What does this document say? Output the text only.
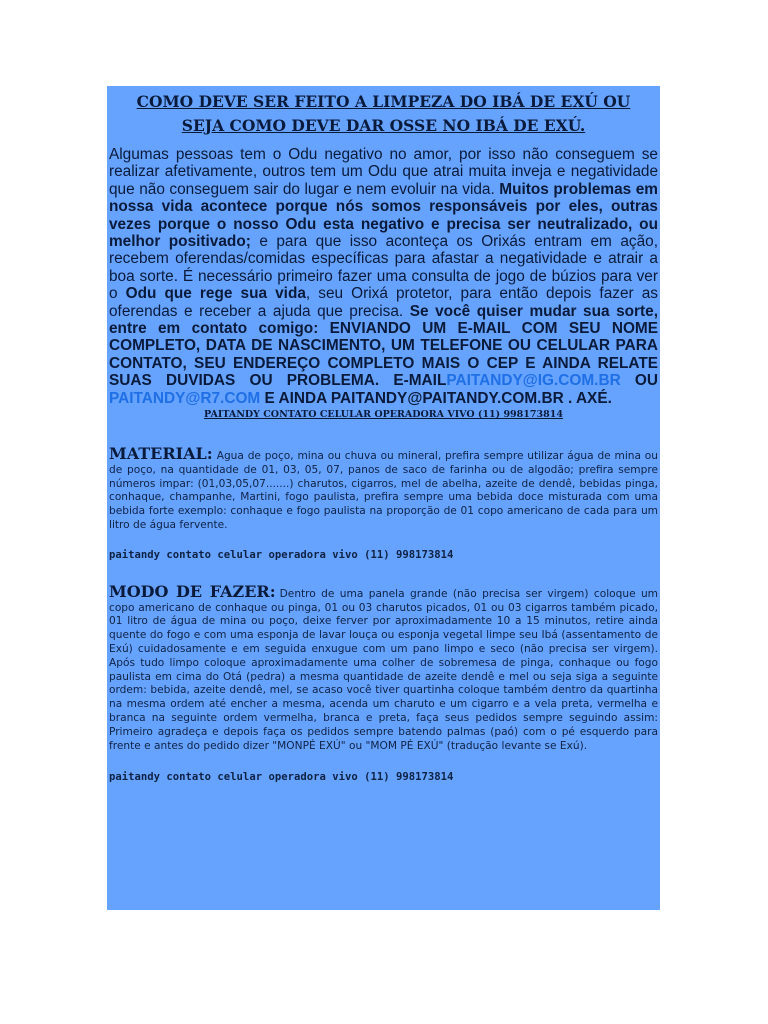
COMO DEVE SER FEITO A LIMPEZA DO IBÁ DE EXÚ OU
SEJA COMO DEVE DAR OSSE NO IBÁ DE EXÚ.

Algumas pessoas tem o Odu negativo no amor, por isso não conseguem se realizar afetivamente, outros tem um Odu que atrai muita inveja e negatividade que não conseguem sair do lugar e nem evoluir na vida. Muitos problemas em nossa vida acontece porque nós somos responsáveis por eles, outras vezes porque o nosso Odu esta negativo e precisa ser neutralizado, ou melhor positivado; e para que isso aconteça os Orixás entram em ação, recebem oferendas/comidas específicas para afastar a negatividade e atrair a boa sorte. É necessário primeiro fazer uma consulta de jogo de búzios para ver o Odu que rege sua vida, seu Orixá protetor, para então depois fazer as oferendas e receber a ajuda que precisa. Se você quiser mudar sua sorte, entre em contato comigo: ENVIANDO UM E-MAIL COM SEU NOME COMPLETO, DATA DE NASCIMENTO, UM TELEFONE OU CELULAR PARA CONTATO, SEU ENDEREÇO COMPLETO MAIS O CEP E AINDA RELATE SUAS DUVIDAS OU PROBLEMA. E-MAILPAITANDY@IG.COM.BR OU PAITANDY@R7.COM E AINDA PAITANDY@PAITANDY.COM.BR . AXÉ.

PAITANDY CONTATO CELULAR OPERADORA VIVO (11) 998173814

MATERIAL: Agua de poço, mina ou chuva ou mineral, prefira sempre utilizar água de mina ou de poço, na quantidade de 01, 03, 05, 07, panos de saco de farinha ou de algodão; prefira sempre números impar: (01,03,05,07.......) charutos, cigarros, mel de abelha, azeite de dendê, bebidas pinga, conhaque, champanhe, Martini, fogo paulista, prefira sempre uma bebida doce misturada com uma bebida forte exemplo: conhaque e fogo paulista na proporção de 01 copo americano de cada para um litro de água fervente.

paitandy contato celular operadora vivo (11) 998173814

MODO DE FAZER: Dentro de uma panela grande (não precisa ser virgem) coloque um copo americano de conhaque ou pinga, 01 ou 03 charutos picados, 01 ou 03 cigarros também picado, 01 litro de água de mina ou poço, deixe ferver por aproximadamente 10 a 15 minutos, retire ainda quente do fogo e com uma esponja de lavar louça ou esponja vegetal limpe seu Ibá (assentamento de Exú) cuidadosamente e em seguida enxugue com um pano limpo e seco (não precisa ser virgem). Após tudo limpo coloque aproximadamente uma colher de sobremesa de pinga, conhaque ou fogo paulista em cima do Otá (pedra) a mesma quantidade de azeite dendê e mel ou seja siga a seguinte ordem: bebida, azeite dendê, mel, se acaso você tiver quartinha coloque também dentro da quartinha na mesma ordem até encher a mesma, acenda um charuto e um cigarro e a vela preta, vermelha e branca na seguinte ordem vermelha, branca e preta, faça seus pedidos sempre seguindo assim: Primeiro agradeça e depois faça os pedidos sempre batendo palmas (paó) com o pé esquerdo para frente e antes do pedido dizer "MONPÉ EXÚ" ou "MOM PÉ EXÚ" (tradução levante se Exú).

paitandy contato celular operadora vivo (11) 998173814
